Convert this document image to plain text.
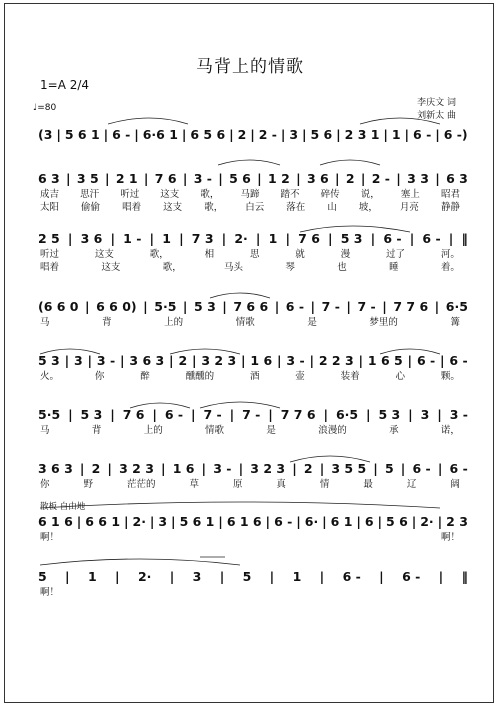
马背上的情歌
1=A 2/4
♩=80	李庆文 词
刘新太 曲
散板 自由地
(3 | 5 6 1 | 6 - | 6·6 1 | 6 5 6 | 2 | 2 - | 3 | 5 6 | 2 3 1 | 1 | 6 - | 6 -)
6 3 | 3 5 | 2 1 | 7 6 | 3 - | 5 6 | 1 2 | 3 6 | 2 | 2 - | 3 3 | 6 3
成吉 思汗 听过 这支 歌， 马蹄 踏不 碎传 说， 塞上 昭君
太阳 偷偷 唱着 这支 歌， 白云 落在 山 坡， 月亮 静静
2 5 | 3 6 | 1 - | 1 | 7 3 | 2· | 1 | 7 6 | 5 3 | 6 - | 6 - | ‖
听过	这支	歌，	相	思	就	漫	过了	河。
唱着	这支	歌，	马头	琴	也	睡	着。
(6 6 0 | 6 6 0) | 5·5 | 5 3 | 7 6 6 | 6 - | 7 - | 7 - | 7 7 6 | 6·5
马	背	上的	情歌	是	梦里的	篝
5 3 | 3 | 3 - | 3 6 3 | 2 | 3 2 3 | 1 6 | 3 - | 2 2 3 | 1 6 5 | 6 - | 6 -
火。	你	醉	醺醺的	酒	壶	装着	心	颗。
5·5 | 5 3 | 7 6 | 6 - | 7 - | 7 - | 7 7 6 | 6·5 | 5 3 | 3 | 3 -
马	背	上的	情歌	是	浪漫的	承	诺，
3 6 3 | 2 | 3 2 3 | 1 6 | 3 - | 3 2 3 | 2 | 3 5 5 | 5 | 6 - | 6 -
你	野	茫茫的	草	原	真	情	最	辽	阔
6 1 6 | 6 6 1 | 2· | 3 | 5 6 1 | 6 1 6 | 6 - | 6· | 6 1 | 6 | 5 6 | 2· | 2 3
啊！	啊！
5 | 1 | 2· | 3 | 5 | 1 | 6 - | 6 - | ‖
啊！
